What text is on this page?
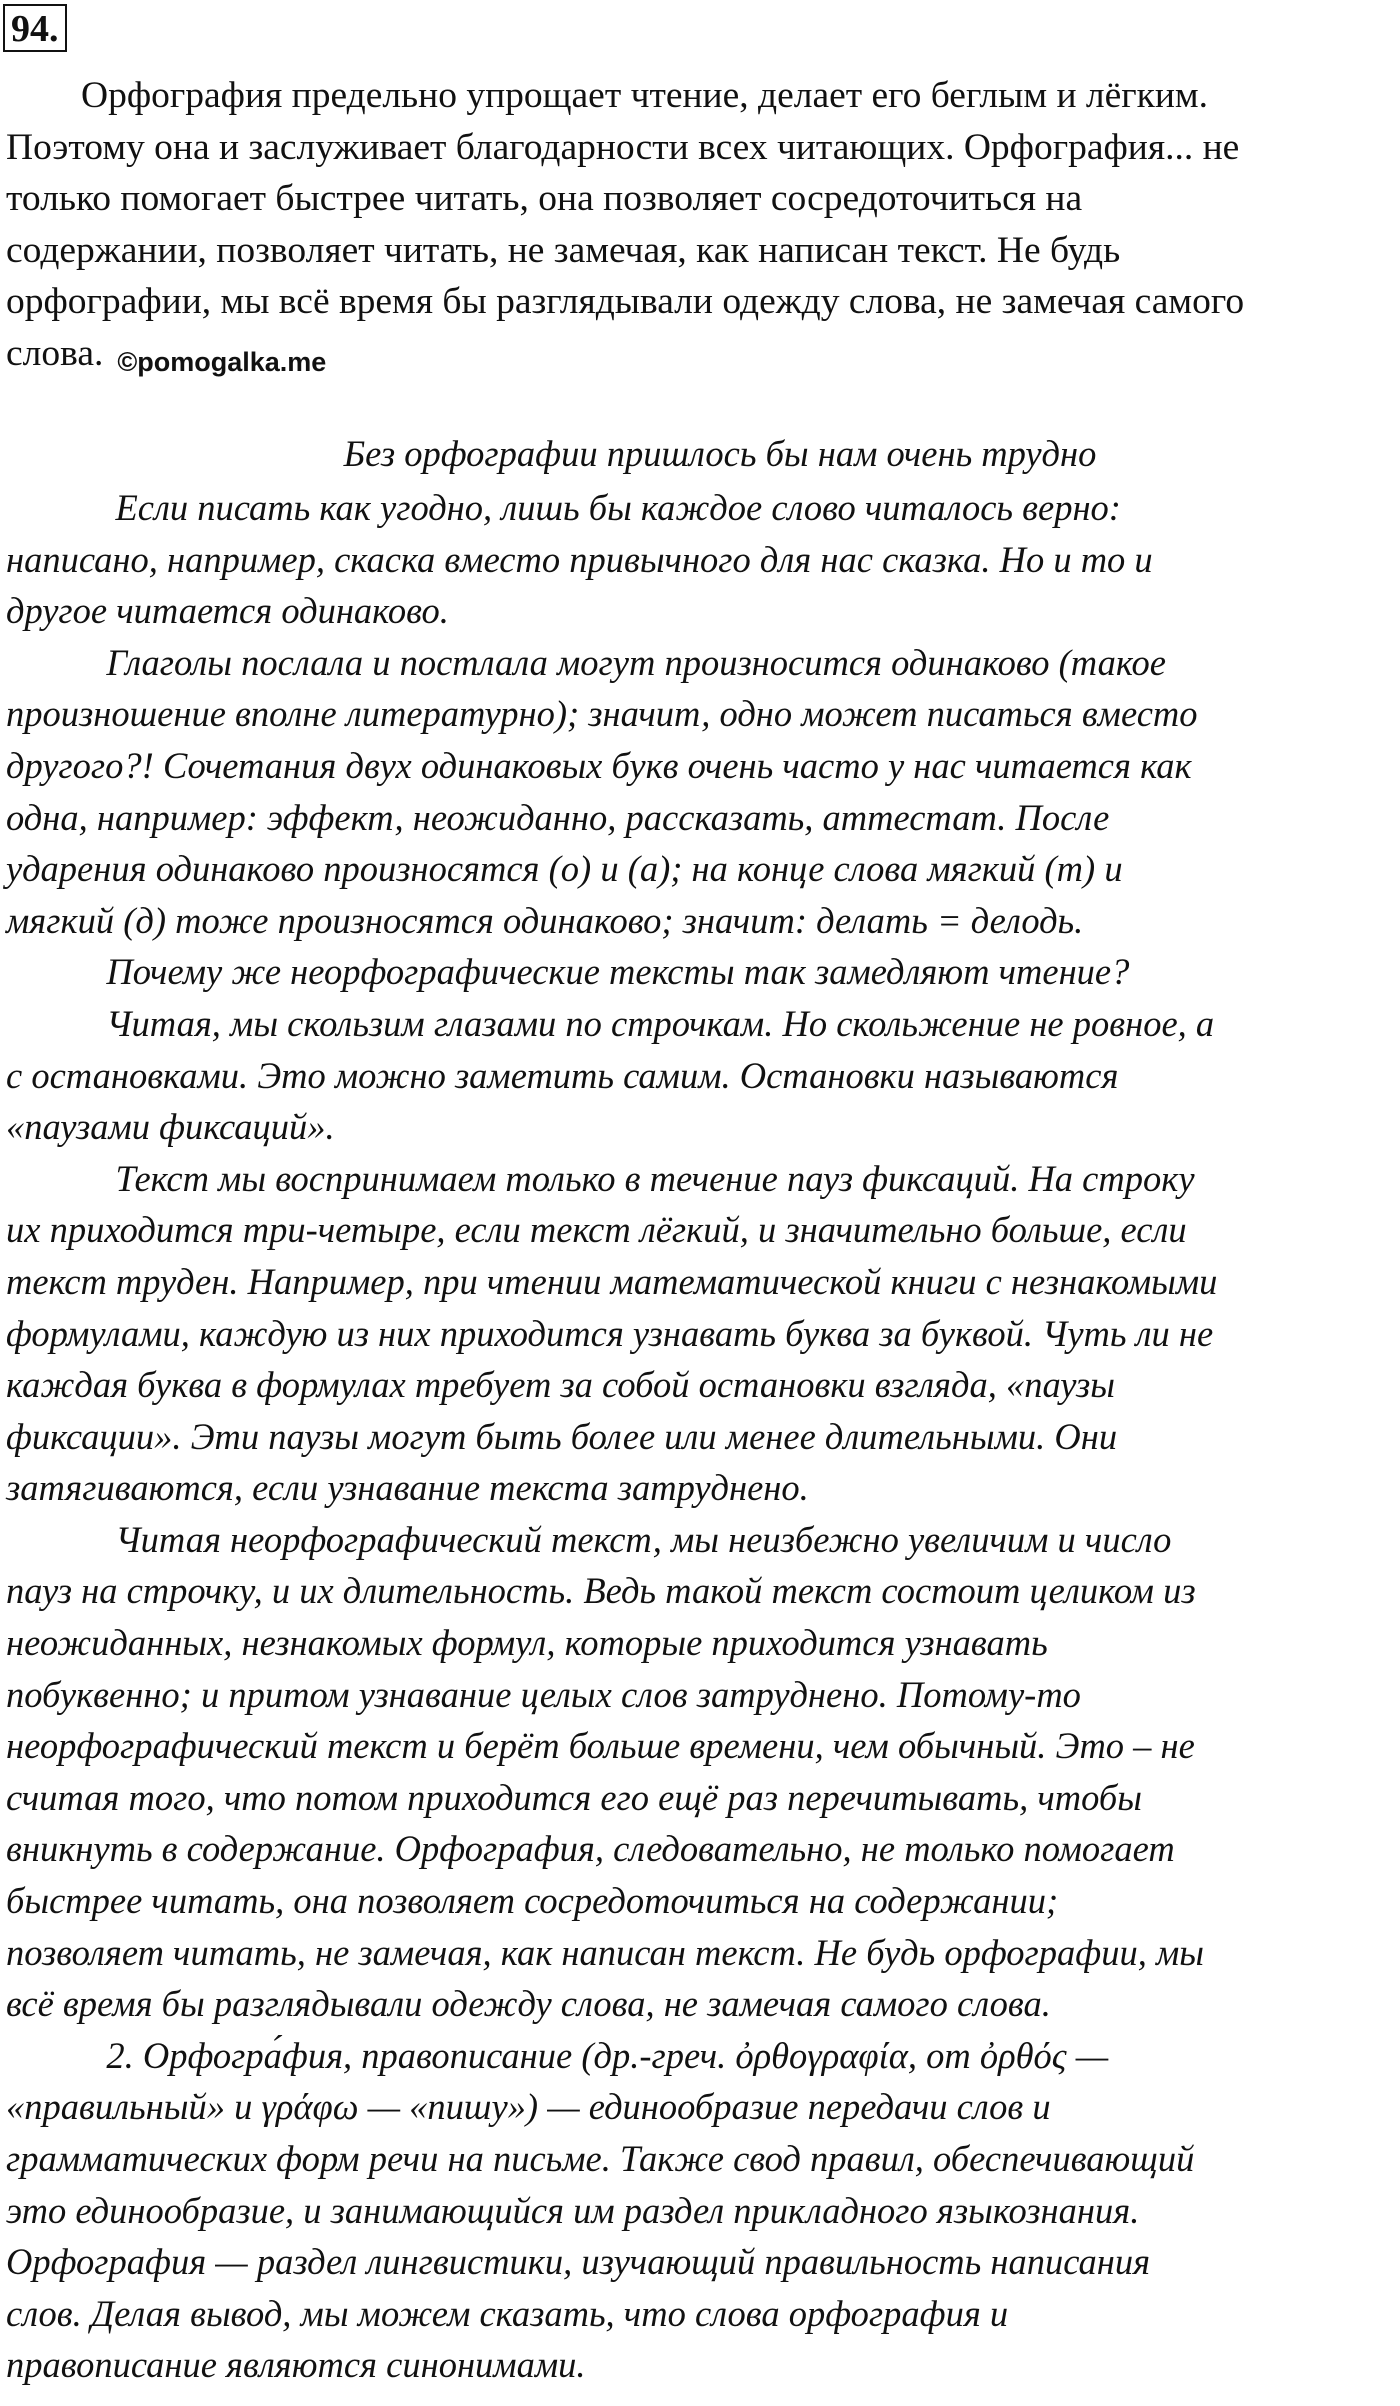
94.
Орфография предельно упрощает чтение, делает его беглым и лёгким.
Поэтому она и заслуживает благодарности всех читающих. Орфография... не
только помогает быстрее читать, она позволяет сосредоточиться на
содержании, позволяет читать, не замечая, как написан текст. Не будь
орфографии, мы всё время бы разглядывали одежду слова, не замечая самого
слова. ©pomogalka.me
Без орфографии пришлось бы нам очень трудно
Если писать как угодно, лишь бы каждое слово читалось верно:
написано, например, скаска вместо привычного для нас сказка. Но и то и
другое читается одинаково.
Глаголы послала и постлала могут произносится одинаково (такое
произношение вполне литературно); значит, одно может писаться вместо
другого?! Сочетания двух одинаковых букв очень часто у нас читается как
одна, например: эффект, неожиданно, рассказать, аттестат. После
ударения одинаково произносятся (о) и (а); на конце слова мягкий (т) и
мягкий (д) тоже произносятся одинаково; значит: делать = делодь.
Почему же неорфографические тексты так замедляют чтение?
Читая, мы скользим глазами по строчкам. Но скольжение не ровное, а
с остановками. Это можно заметить самим. Остановки называются
«паузами фиксаций».
Текст мы воспринимаем только в течение пауз фиксаций. На строку
их приходится три-четыре, если текст лёгкий, и значительно больше, если
текст труден. Например, при чтении математической книги с незнакомыми
формулами, каждую из них приходится узнавать буква за буквой. Чуть ли не
каждая буква в формулах требует за собой остановки взгляда, «паузы
фиксации». Эти паузы могут быть более или менее длительными. Они
затягиваются, если узнавание текста затруднено.
Читая неорфографический текст, мы неизбежно увеличим и число
пауз на строчку, и их длительность. Ведь такой текст состоит целиком из
неожиданных, незнакомых формул, которые приходится узнавать
побуквенно; и притом узнавание целых слов затруднено. Потому-то
неорфографический текст и берёт больше времени, чем обычный. Это – не
считая того, что потом приходится его ещё раз перечитывать, чтобы
вникнуть в содержание. Орфография, следовательно, не только помогает
быстрее читать, она позволяет сосредоточиться на содержании;
позволяет читать, не замечая, как написан текст. Не будь орфографии, мы
всё время бы разглядывали одежду слова, не замечая самого слова.
2. Орфогра́фия, правописание (др.-греч. ὀρθογραφία, от ὀρθός —
«правильный» и γράφω — «пишу») — единообразие передачи слов и
грамматических форм речи на письме. Также свод правил, обеспечивающий
это единообразие, и занимающийся им раздел прикладного языкознания.
Орфография — раздел лингвистики, изучающий правильность написания
слов. Делая вывод, мы можем сказать, что слова орфография и
правописание являются синонимами.
